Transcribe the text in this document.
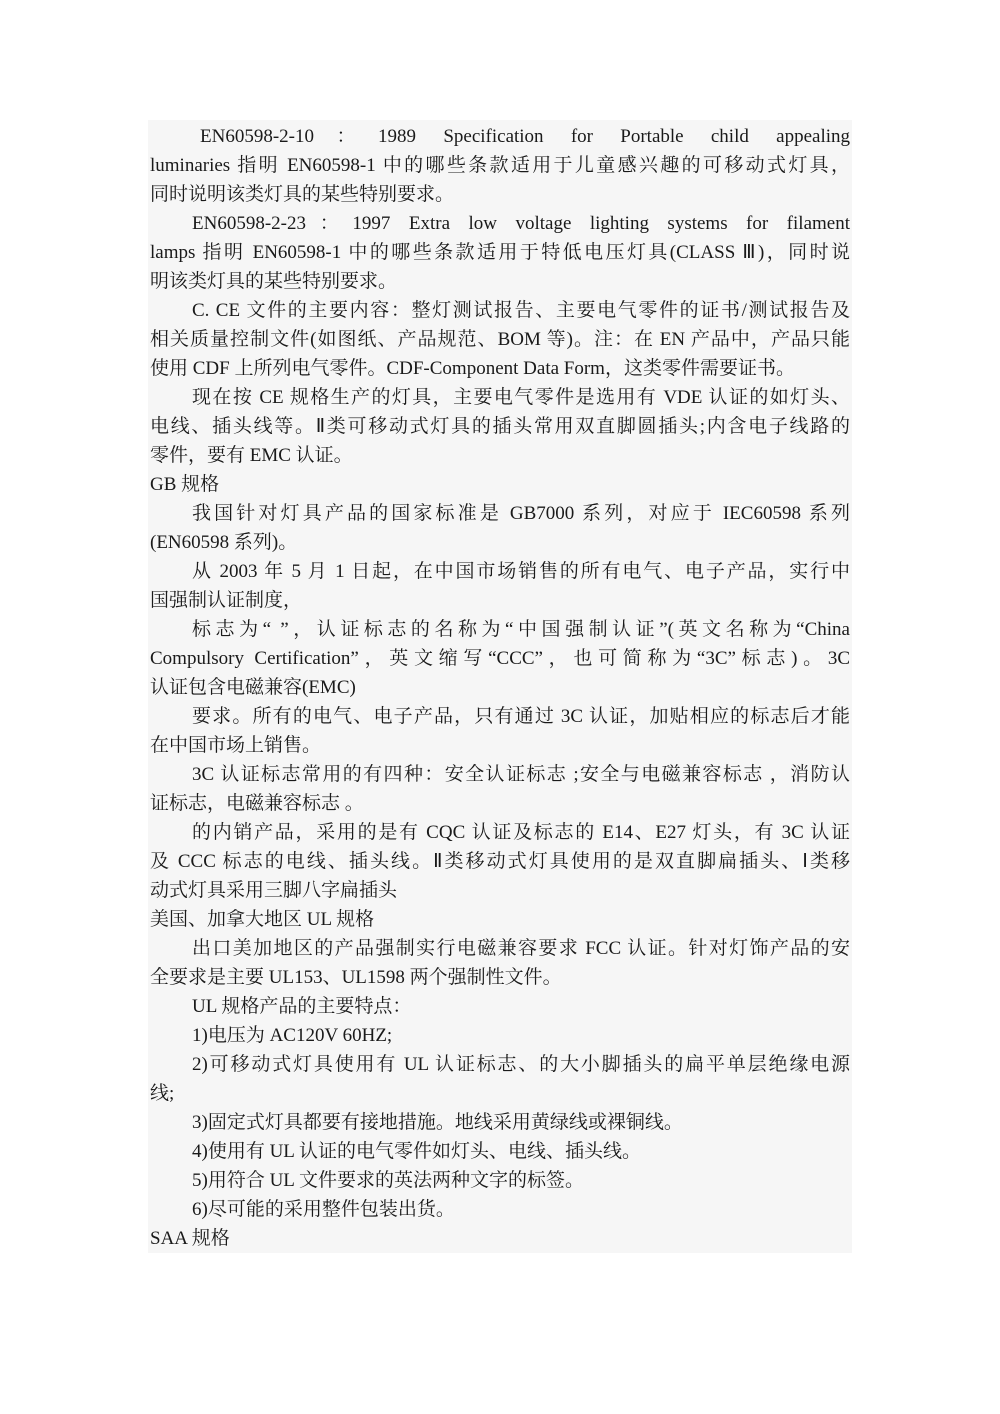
EN60598-2-10：1989 Specification for Portable child appealing
luminaries 指明 EN60598-1 中的哪些条款适用于儿童感兴趣的可移动式灯具，
同时说明该类灯具的某些特别要求。
EN60598-2-23：1997 Extra low voltage lighting systems for filament
lamps 指明 EN60598-1 中的哪些条款适用于特低电压灯具(CLASS Ⅲ)，同时说
明该类灯具的某些特别要求。
C. CE 文件的主要内容：整灯测试报告、主要电气零件的证书/测试报告及
相关质量控制文件(如图纸、产品规范、BOM 等)。注：在 EN 产品中，产品只能
使用 CDF 上所列电气零件。CDF-Component Data Form，这类零件需要证书。
现在按 CE 规格生产的灯具，主要电气零件是选用有 VDE 认证的如灯头、
电线、插头线等。Ⅱ类可移动式灯具的插头常用双直脚圆插头;内含电子线路的
零件，要有 EMC 认证。
GB 规格
我国针对灯具产品的国家标准是 GB7000 系列，对应于 IEC60598 系列
(EN60598 系列)。
从 2003 年 5 月 1 日起，在中国市场销售的所有电气、电子产品，实行中
国强制认证制度，
标志为“ ”，认证标志的名称为“中国强制认证”(英文名称为“China
Compulsory Certification”，英文缩写“CCC”，也可简称为“3C”标志)。3C
认证包含电磁兼容(EMC)
要求。所有的电气、电子产品，只有通过 3C 认证，加贴相应的标志后才能
在中国市场上销售。
3C 认证标志常用的有四种：安全认证标志 ;安全与电磁兼容标志 ，消防认
证标志，电磁兼容标志 。
的内销产品，采用的是有 CQC 认证及标志的 E14、E27 灯头，有 3C 认证
及 CCC 标志的电线、插头线。Ⅱ类移动式灯具使用的是双直脚扁插头、Ⅰ类移
动式灯具采用三脚八字扁插头
美国、加拿大地区 UL 规格
出口美加地区的产品强制实行电磁兼容要求 FCC 认证。针对灯饰产品的安
全要求是主要 UL153、UL1598 两个强制性文件。
UL 规格产品的主要特点：
1)电压为 AC120V 60HZ;
2)可移动式灯具使用有 UL 认证标志、的大小脚插头的扁平单层绝缘电源
线;
3)固定式灯具都要有接地措施。地线采用黄绿线或裸铜线。
4)使用有 UL 认证的电气零件如灯头、电线、插头线。
5)用符合 UL 文件要求的英法两种文字的标签。
6)尽可能的采用整件包装出货。
SAA 规格
